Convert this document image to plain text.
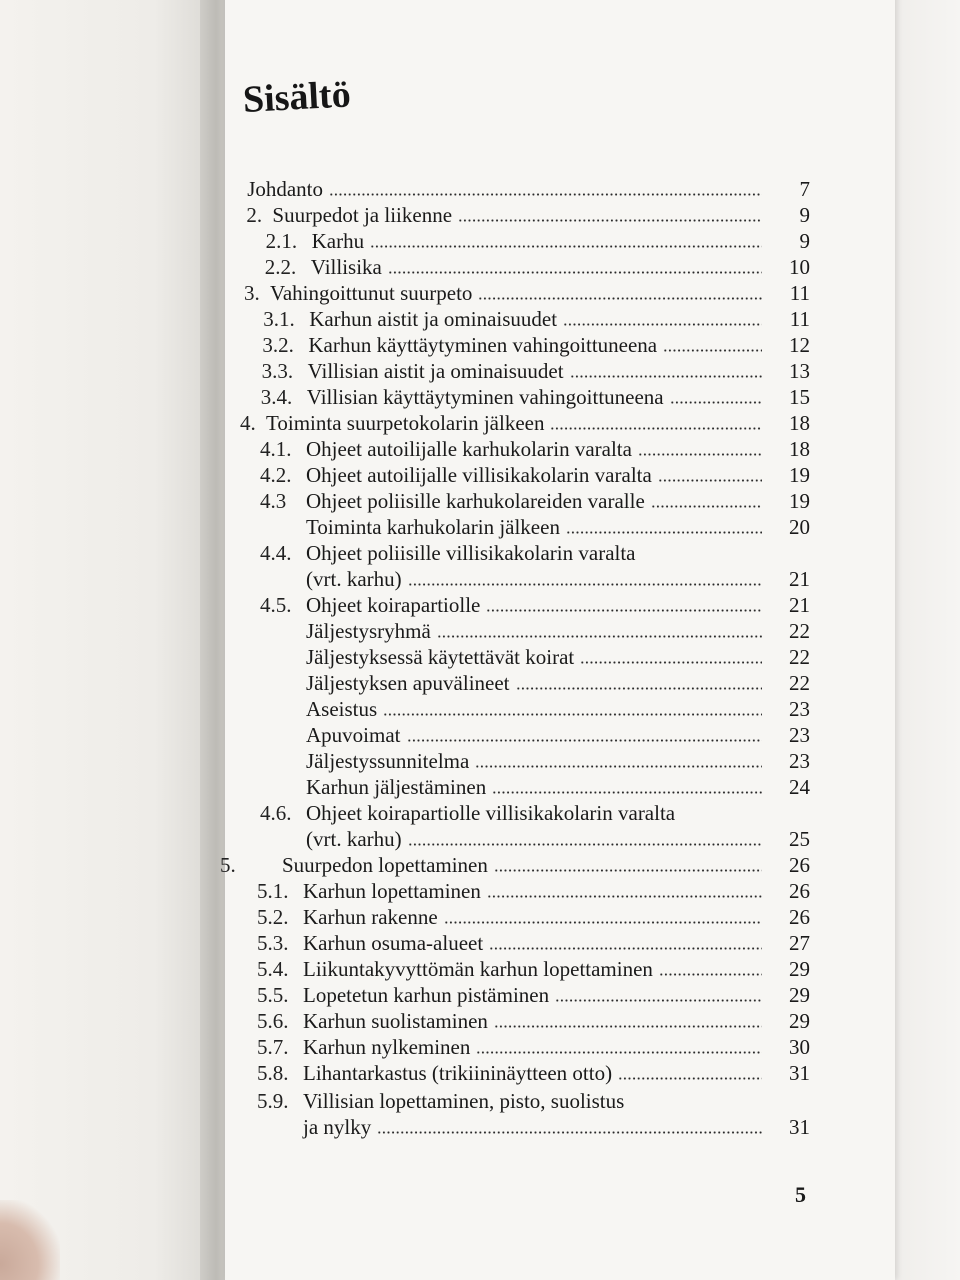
Sisältö
Johdanto	7
2. Suurpedot ja liikenne	9
2.1. Karhu	9
2.2. Villisika	10
3. Vahingoittunut suurpeto	11
3.1. Karhun aistit ja ominaisuudet	11
3.2. Karhun käyttäytyminen vahingoittuneena	12
3.3. Villisian aistit ja ominaisuudet	13
3.4. Villisian käyttäytyminen vahingoittuneena	15
4. Toiminta suurpetokolarin jälkeen	18
4.1. Ohjeet autoilijalle karhukolarin varalta	18
4.2. Ohjeet autoilijalle villisikakolarin varalta	19
4.3 Ohjeet poliisille karhukolareiden varalle	19
Toiminta karhukolarin jälkeen	20
4.4. Ohjeet poliisille villisikakolarin varalta
(vrt. karhu)	21
4.5. Ohjeet koirapartiolle	21
Jäljestysryhmä	22
Jäljestyksessä käytettävät koirat	22
Jäljestyksen apuvälineet	22
Aseistus	23
Apuvoimat	23
Jäljestyssunnitelma	23
Karhun jäljestäminen	24
4.6. Ohjeet koirapartiolle villisikakolarin varalta
(vrt. karhu)	25
5. Suurpedon lopettaminen	26
5.1. Karhun lopettaminen	26
5.2. Karhun rakenne	26
5.3. Karhun osuma-alueet	27
5.4. Liikuntakyvyttömän karhun lopettaminen	29
5.5. Lopetetun karhun pistäminen	29
5.6. Karhun suolistaminen	29
5.7. Karhun nylkeminen	30
5.8. Lihantarkastus (trikiininäytteen otto)	31
5.9. Villisian lopettaminen, pisto, suolistus
ja nylky	31
5
